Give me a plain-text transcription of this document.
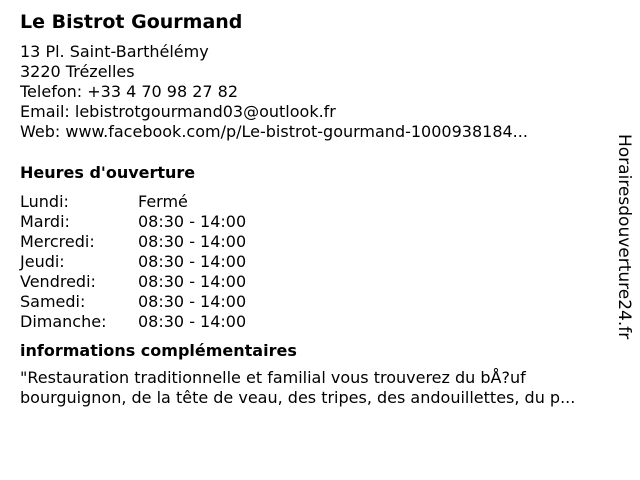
Le Bistrot Gourmand
13 Pl. Saint-Barthélémy
3220 Trézelles
Telefon: +33 4 70 98 27 82
Email: lebistrotgourmand03@outlook.fr
Web: www.facebook.com/p/Le-bistrot-gourmand-1000938184...
Heures d'ouverture
Lundi:	Fermé
Mardi:	08:30 - 14:00
Mercredi:	08:30 - 14:00
Jeudi:	08:30 - 14:00
Vendredi:	08:30 - 14:00
Samedi:	08:30 - 14:00
Dimanche:	08:30 - 14:00
informations complémentaires
"Restauration traditionnelle et familial vous trouverez du bÅ?uf
bourguignon, de la tête de veau, des tripes, des andouillettes, du p...
Horairesdouverture24.fr
